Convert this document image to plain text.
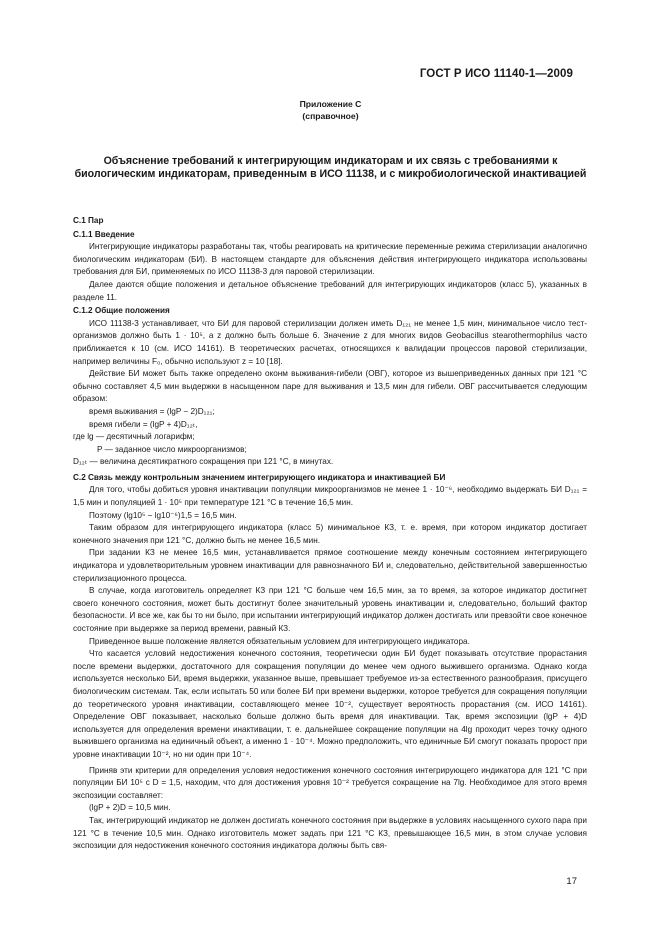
ГОСТ Р ИСО 11140-1—2009
Приложение С
(справочное)
Объяснение требований к интегрирующим индикаторам и их связь с требованиями к биологическим индикаторам, приведенным в ИСО 11138, и с микробиологической инактивацией

С.1 Пар

С.1.1 Введение

Интегрирующие индикаторы разработаны так, чтобы реагировать на критические переменные режима стерилизации аналогично биологическим индикаторам (БИ). В настоящем стандарте для объяснения действия интегрирующего индикатора использованы требования для БИ, применяемых по ИСО 11138-3 для паровой стерилизации.

Далее даются общие положения и детальное объяснение требований для интегрирующих индикаторов (класс 5), указанных в разделе 11.

С.1.2 Общие положения

ИСО 11138-3 устанавливает, что БИ для паровой стерилизации должен иметь D₁₂₁ не менее 1,5 мин, минимальное число тест-организмов должно быть 1 · 10⁵, а z должно быть больше 6. Значение z для многих видов Geobacillus stearothermophilus часто приближается к 10 (см. ИСО 14161). В теоретических расчетах, относящихся к валидации процессов паровой стерилизации, например величины F₀, обычно используют z = 10 [18].

Действие БИ может быть также определено оконм выживания-гибели (ОВГ), которое из вышеприведенных данных при 121 °С обычно составляет 4,5 мин выдержки в насыщенном паре для выживания и 13,5 мин для гибели. ОВГ рассчитывается следующим образом:

время выживания = (lgP − 2)D₁₂₁;

время гибели = (lgP + 4)D₁₂ₜ,

где lg — десятичный логарифм;

P — заданное число микроорганизмов;

D₁₂ₜ — величина десятикратного сокращения при 121 °С, в минутах.

С.2 Связь между контрольным значением интегрирующего индикатора и инактивацией БИ

Для того, чтобы добиться уровня инактивации популяции микроорганизмов не менее 1 · 10⁻⁶, необходимо выдержать БИ D₁₂₁ = 1,5 мин и популяцией 1 · 10⁵ при температуре 121 °С в течение 16,5 мин.

Поэтому (lg10⁵ − lg10⁻⁶)1,5 = 16,5 мин.

Таким образом для интегрирующего индикатора (класс 5) минимальное КЗ, т. е. время, при котором индикатор достигает конечного значения при 121 °С, должно быть не менее 16,5 мин.

При задании КЗ не менее 16,5 мин, устанавливается прямое соотношение между конечным состоянием интегрирующего индикатора и удовлетворительным уровнем инактивации для равнозначного БИ и, следовательно, действительной завершенностью стерилизационного процесса.

В случае, когда изготовитель определяет КЗ при 121 °С больше чем 16,5 мин, за то время, за которое индикатор достигнет своего конечного состояния, может быть достигнут более значительный уровень инактивации и, следовательно, больший фактор безопасности. И все же, как бы то ни было, при испытании интегрирующий индикатор должен достигать или превзойти свое конечное состояние при выдержке за период времени, равный КЗ.

Приведенное выше положение является обязательным условием для интегрирующего индикатора.

Что касается условий недостижения конечного состояния, теоретически один БИ будет показывать отсутствие прорастания после времени выдержки, достаточного для сокращения популяции до менее чем одного выжившего организма. Однако когда используется несколько БИ, время выдержки, указанное выше, превышает требуемое из-за естественного разнообразия, присущего биологическим системам. Так, если испытать 50 или более БИ при времени выдержки, которое требуется для сокращения популяции до теоретического уровня инактивации, составляющего менее 10⁻², существует вероятность прорастания (см. ИСО 14161). Определение ОВГ показывает, насколько больше должно быть время для инактивации. Так, время экспозиции (lgP + 4)D используется для определения времени инактивации, т. е. дальнейшее сокращение популяции на 4lg проходит через точку одного выжившего организма на единичный объект, а именно 1 · 10⁻⁴. Можно предположить, что единичные БИ смогут показать пророст при уровне инактивации 10⁻², но ни один при 10⁻⁴.

Приняв эти критерии для определения условия недостижения конечного состояния интегрирующего индикатора для 121 °С при популяции БИ 10⁵ с D = 1,5, находим, что для достижения уровня 10⁻² требуется сокращение на 7lg. Необходимое для этого время экспозиции составляет:

(lgP + 2)D = 10,5 мин.

Так, интегрирующий индикатор не должен достигать конечного состояния при выдержке в условиях насыщенного сухого пара при 121 °С в течение 10,5 мин. Однако изготовитель может задать при 121 °С КЗ, превышающее 16,5 мин, в этом случае условия экспозиции для недостижения конечного состояния индикатора должны быть свя-

17
